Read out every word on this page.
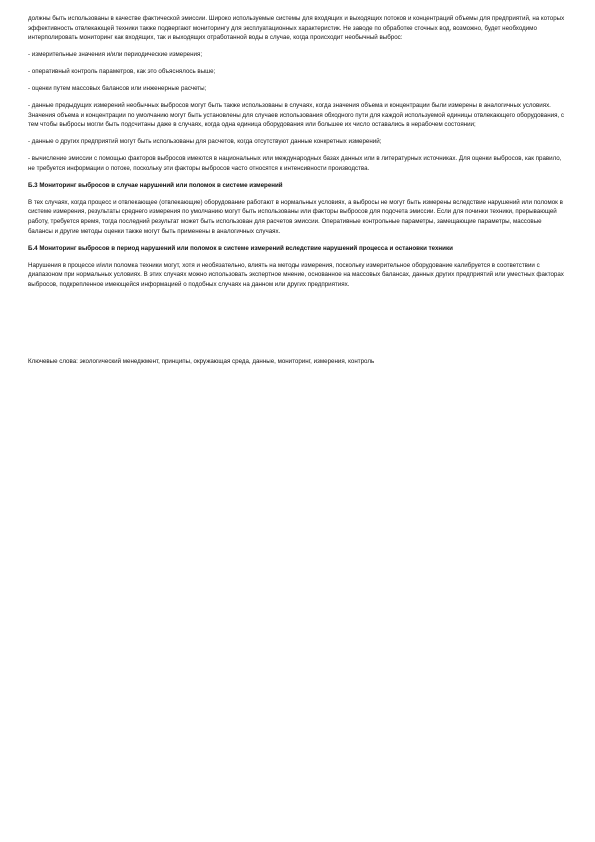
должны быть использованы в качестве фактической эмиссии. Широко используемые системы для входящих и выходящих потоков и концентраций объемы для предприятий, на которых эффективность отвлекающей техники также подвергают мониторингу для эксплуатационных характеристик. Не заводе по обработке сточных вод, возможно, будет необходимо интерполировать мониторинг как входящих, так и выходящих отработанной воды в случае, когда происходит необычный выброс:

- измерительные значения и/или периодические измерения;

- оперативный контроль параметров, как это объяснялось выше;

- оценки путем массовых балансов или инженерные расчеты;

- данные предыдущих измерений необычных выбросов могут быть также использованы в случаях, когда значения объема и концентрации были измерены в аналогичных условиях. Значения объема и концентрации по умолчанию могут быть установлены для случаев использования обходного пути для каждой используемой единицы отвлекающего оборудования, с тем чтобы выбросы могли быть подсчитаны даже в случаях, когда одна единица оборудования или большее их число оставались в нерабочем состоянии;

- данные о других предприятий могут быть использованы для расчетов, когда отсутствуют данные конкретных измерений;

- вычисление эмиссии с помощью факторов выбросов имеются в национальных или международных базах данных или в литературных источниках. Для оценки выбросов, как правило, не требуется информации о потоке, поскольку эти факторы выбросов часто относятся к интенсивности производства.

Б.3 Мониторинг выбросов в случае нарушений или поломок в системе измерений

В тех случаях, когда процесс и отвлекающее (отвлекающие) оборудование работают в нормальных условиях, а выбросы не могут быть измерены вследствие нарушений или поломок в системе измерения, результаты среднего измерения по умолчанию могут быть использованы или факторы выбросов для подсчета эмиссии. Если для починки техники, прерывающей работу, требуется время, тогда последний результат может быть использован для расчетов эмиссии. Оперативные контрольные параметры, замещающие параметры, массовые балансы и другие методы оценки также могут быть применены в аналогичных случаях.

Б.4 Мониторинг выбросов в период нарушений или поломок в системе измерений вследствие нарушений процесса и остановки техники

Нарушения в процессе и/или поломка техники могут, хотя и необязательно, влиять на методы измерения, поскольку измерительное оборудование калибруется в соответствии с диапазоном при нормальных условиях. В этих случаях можно использовать экспертное мнение, основанное на массовых балансах, данных других предприятий или уместных факторах выбросов, подкрепленное имеющейся информацией о подобных случаях на данном или других предприятиях.

Ключевые слова: экологический менеджмент, принципы, окружающая среда, данные, мониторинг, измерения, контроль
